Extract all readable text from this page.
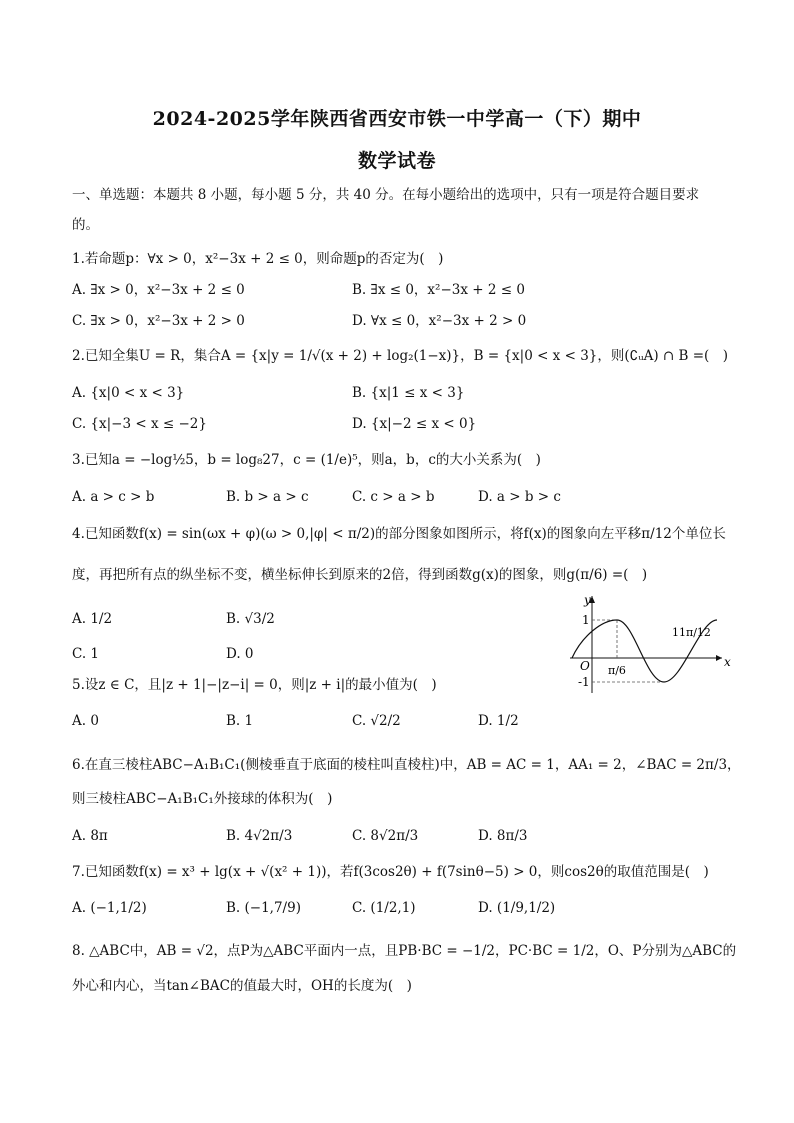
2024-2025学年陕西省西安市铁一中学高一（下）期中
数学试卷
一、单选题：本题共 8 小题，每小题 5 分，共 40 分。在每小题给出的选项中，只有一项是符合题目要求
的。
1.若命题p：∀x > 0，x²−3x + 2 ≤ 0，则命题p的否定为(　)
A. ∃x > 0，x²−3x + 2 ≤ 0	B. ∃x ≤ 0，x²−3x + 2 ≤ 0
C. ∃x > 0，x²−3x + 2 > 0	D. ∀x ≤ 0，x²−3x + 2 > 0
2.已知全集U = R，集合A = {x|y = 1/√(x + 2) + log₂(1−x)}，B = {x|0 < x < 3}，则(∁ᵤA) ∩ B =(　)
A. {x|0 < x < 3}	B. {x|1 ≤ x < 3}
C. {x|−3 < x ≤ −2}	D. {x|−2 ≤ x < 0}
3.已知a = −log½5，b = log₈27，c = (1/e)⁵，则a，b，c的大小关系为(　)
A. a > c > b	B. b > a > c	C. c > a > b	D. a > b > c
4.已知函数f(x) = sin(ωx + φ)(ω > 0,|φ| < π/2)的部分图象如图所示，将f(x)的图象向左平移π/12个单位长
度，再把所有点的纵坐标不变，横坐标伸长到原来的2倍，得到函数g(x)的图象，则g(π/6) =(　)
A. 1/2	B. √3/2
C. 1	D. 0
y
x
O
1
-1
π/6
11π/12
5.设z ∈ C，且|z + 1|−|z−i| = 0，则|z + i|的最小值为(　)
A. 0	B. 1	C. √2/2	D. 1/2
6.在直三棱柱ABC−A₁B₁C₁(侧棱垂直于底面的棱柱叫直棱柱)中，AB = AC = 1，AA₁ = 2，∠BAC = 2π/3，
则三棱柱ABC−A₁B₁C₁外接球的体积为(　)
A. 8π	B. 4√2π/3	C. 8√2π/3	D. 8π/3
7.已知函数f(x) = x³ + lg(x + √(x² + 1))，若f(3cos2θ) + f(7sinθ−5) > 0，则cos2θ的取值范围是(　)
A. (−1,1/2)	B. (−1,7/9)	C. (1/2,1)	D. (1/9,1/2)
8. △ABC中，AB = √2，点P为△ABC平面内一点，且PB·BC = −1/2，PC·BC = 1/2，O、P分别为△ABC的
外心和内心，当tan∠BAC的值最大时，OH的长度为(　)
